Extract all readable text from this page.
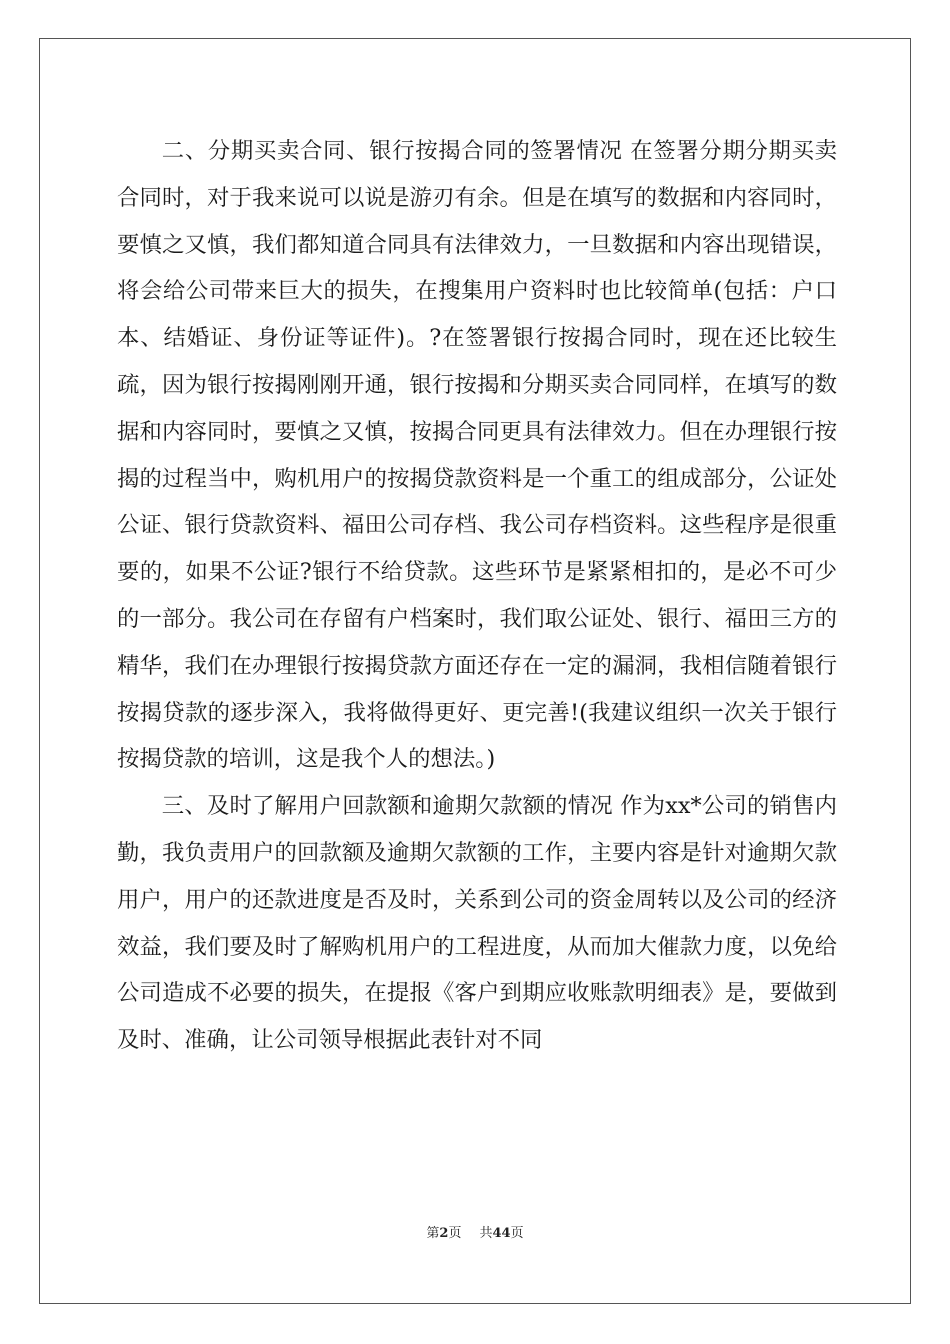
二、分期买卖合同、银行按揭合同的签署情况 在签署分期分期买卖合同时，对于我来说可以说是游刃有余。但是在填写的数据和内容同时，要慎之又慎，我们都知道合同具有法律效力，一旦数据和内容出现错误，将会给公司带来巨大的损失，在搜集用户资料时也比较简单(包括：户口本、结婚证、身份证等证件)。?在签署银行按揭合同时，现在还比较生疏，因为银行按揭刚刚开通，银行按揭和分期买卖合同同样，在填写的数据和内容同时，要慎之又慎，按揭合同更具有法律效力。但在办理银行按揭的过程当中，购机用户的按揭贷款资料是一个重工的组成部分，公证处公证、银行贷款资料、福田公司存档、我公司存档资料。这些程序是很重要的，如果不公证?银行不给贷款。这些环节是紧紧相扣的，是必不可少的一部分。我公司在存留有户档案时，我们取公证处、银行、福田三方的精华，我们在办理银行按揭贷款方面还存在一定的漏洞，我相信随着银行按揭贷款的逐步深入，我将做得更好、更完善!(我建议组织一次关于银行按揭贷款的培训，这是我个人的想法。)

三、及时了解用户回款额和逾期欠款额的情况 作为xx*公司的销售内勤，我负责用户的回款额及逾期欠款额的工作，主要内容是针对逾期欠款用户，用户的还款进度是否及时，关系到公司的资金周转以及公司的经济效益，我们要及时了解购机用户的工程进度，从而加大催款力度，以免给公司造成不必要的损失，在提报《客户到期应收账款明细表》是，要做到及时、准确，让公司领导根据此表针对不同

第2页 共44页
